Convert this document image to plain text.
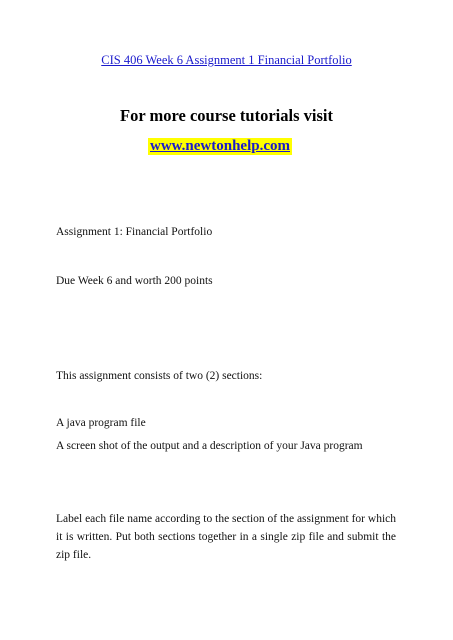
CIS 406 Week 6 Assignment 1 Financial Portfolio
For more course tutorials visit
www.newtonhelp.com
Assignment 1: Financial Portfolio
Due Week 6 and worth 200 points
This assignment consists of two (2) sections:
A java program file
A screen shot of the output and a description of your Java program
Label each file name according to the section of the assignment for which it is written. Put both sections together in a single zip file and submit the zip file.
